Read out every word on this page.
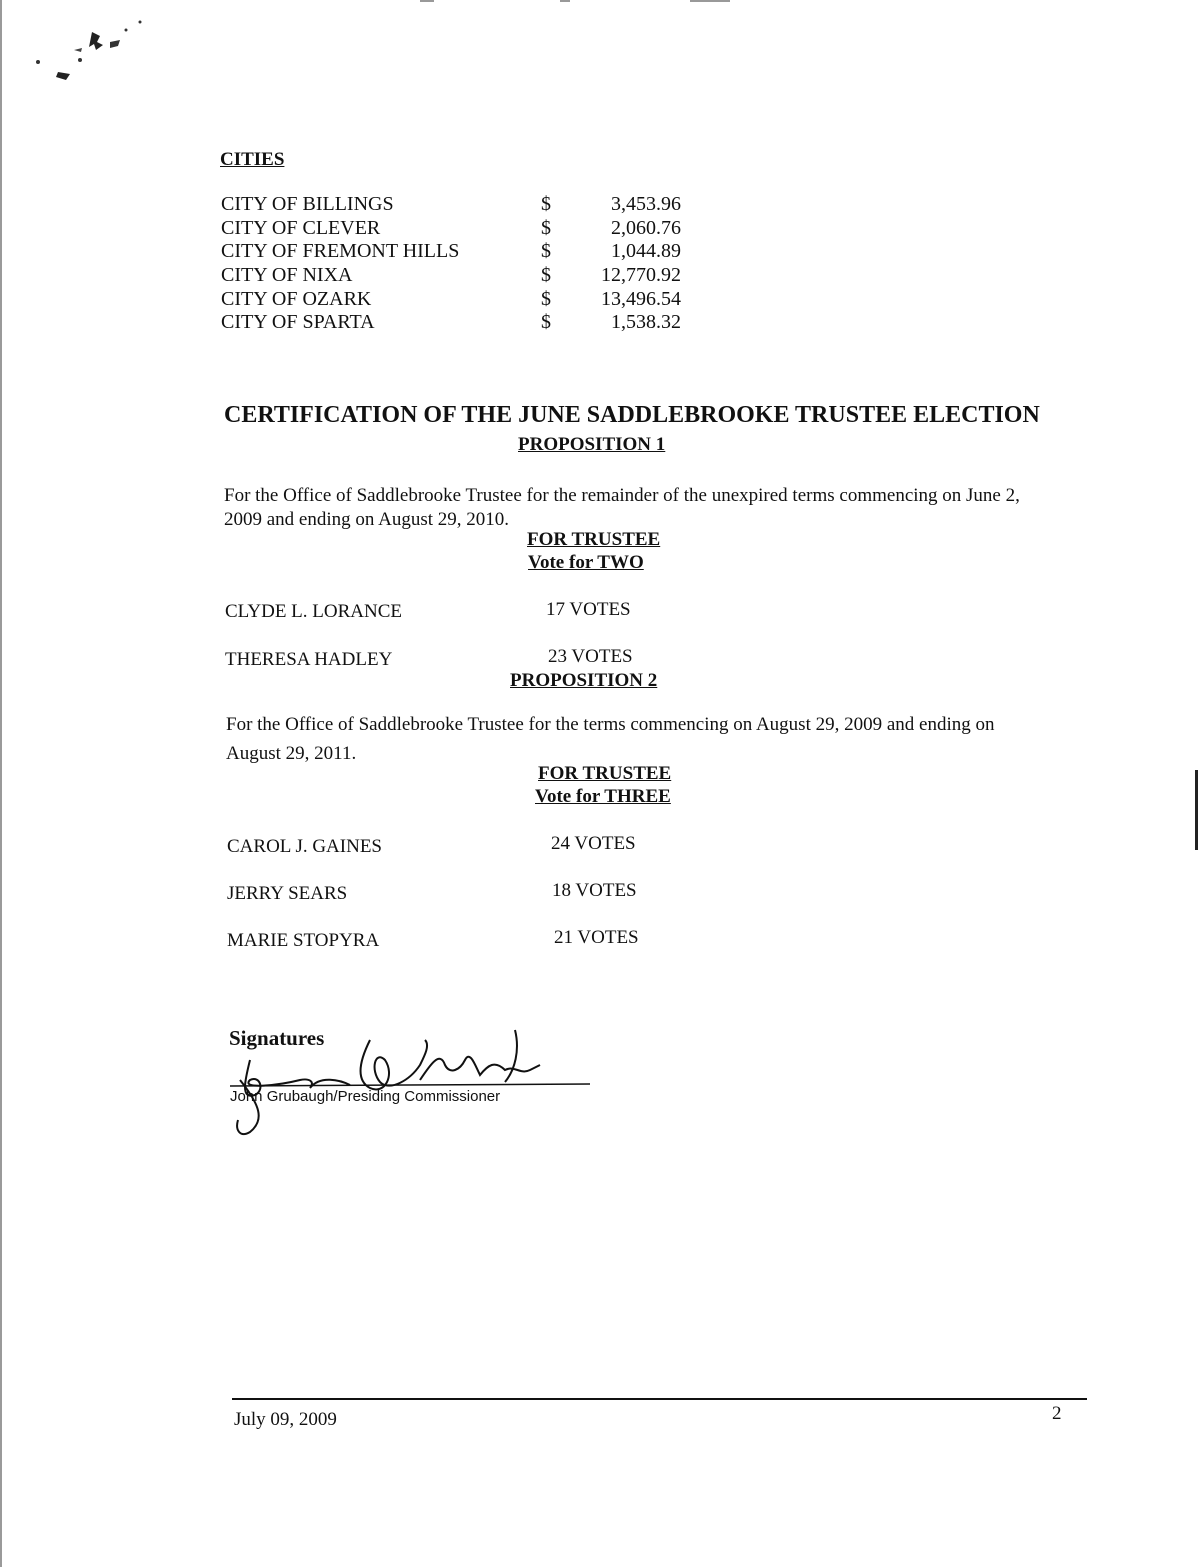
CITIES
CITY OF BILLINGS	$	3,453.96
CITY OF CLEVER	$	2,060.76
CITY OF FREMONT HILLS	$	1,044.89
CITY OF NIXA	$	12,770.92
CITY OF OZARK	$	13,496.54
CITY OF SPARTA	$	1,538.32
CERTIFICATION OF THE JUNE SADDLEBROOKE TRUSTEE ELECTION
PROPOSITION 1
For the Office of Saddlebrooke Trustee for the remainder of the unexpired terms commencing on June 2,
2009 and ending on August 29, 2010.
FOR TRUSTEE
Vote for TWO
CLYDE L. LORANCE	17 VOTES
THERESA HADLEY	23 VOTES
PROPOSITION 2
For the Office of Saddlebrooke Trustee for the terms commencing on August 29, 2009 and ending on
August 29, 2011.
FOR TRUSTEE
Vote for THREE
CAROL J. GAINES	24 VOTES
JERRY SEARS	18 VOTES
MARIE STOPYRA	21 VOTES
Signatures
John Grubaugh/Presiding Commissioner
July 09, 2009	2
